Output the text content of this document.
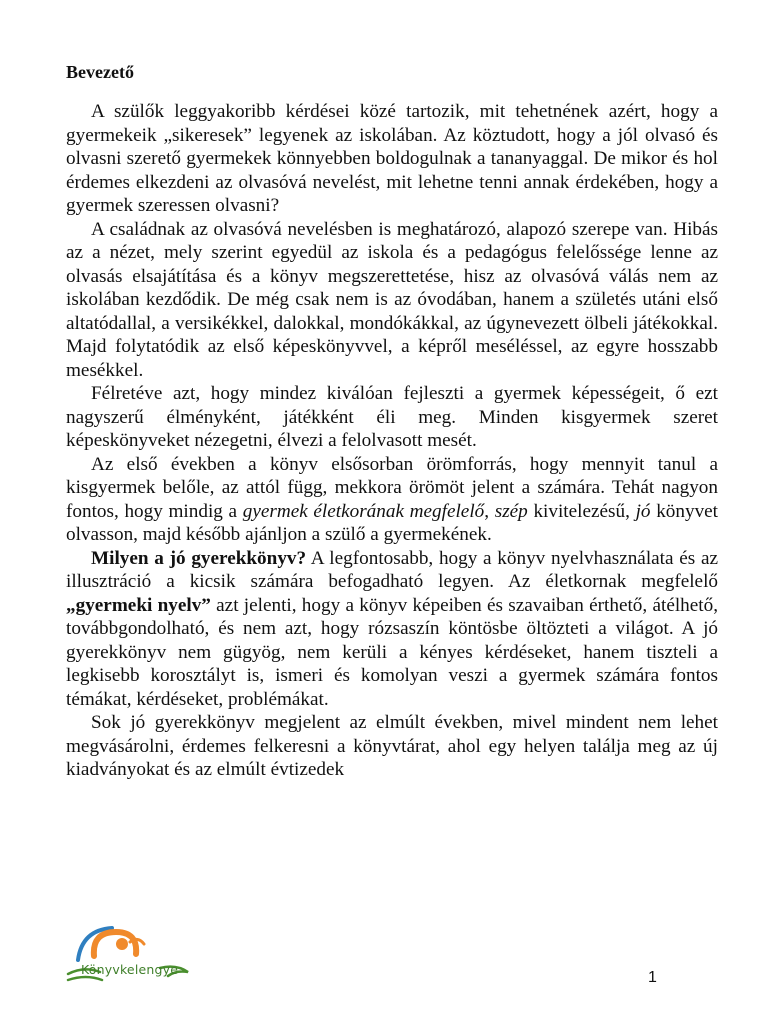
Bevezető

A szülők leggyakoribb kérdései közé tartozik, mit tehetnének azért, hogy a gyermekeik „sikeresek” legyenek az iskolában. Az köztudott, hogy a jól olvasó és olvasni szerető gyermekek könnyebben boldogulnak a tananyaggal. De mikor és hol érdemes elkezdeni az olvasóvá nevelést, mit lehetne tenni annak érdekében, hogy a gyermek szeressen olvasni?

A családnak az olvasóvá nevelésben is meghatározó, alapozó szerepe van. Hibás az a nézet, mely szerint egyedül az iskola és a pedagógus felelőssége lenne az olvasás elsajátítása és a könyv megszerettetése, hisz az olvasóvá válás nem az iskolában kezdődik. De még csak nem is az óvodában, hanem a születés utáni első altatódallal, a versikékkel, dalokkal, mondókákkal, az úgynevezett ölbeli játékokkal. Majd folytatódik az első képeskönyvvel, a képről meséléssel, az egyre hosszabb mesékkel.

Félretéve azt, hogy mindez kiválóan fejleszti a gyermek képességeit, ő ezt nagyszerű élményként, játékként éli meg. Minden kisgyermek szeret képeskönyveket nézegetni, élvezi a felolvasott mesét.

Az első években a könyv elsősorban örömforrás, hogy mennyit tanul a kisgyermek belőle, az attól függ, mekkora örömöt jelent a számára. Tehát nagyon fontos, hogy mindig a gyermek életkorának megfelelő, szép kivitelezésű, jó könyvet olvasson, majd később ajánljon a szülő a gyermekének.

Milyen a jó gyerekkönyv? A legfontosabb, hogy a könyv nyelvhasználata és az illusztráció a kicsik számára befogadható legyen. Az életkornak megfelelő „gyermeki nyelv” azt jelenti, hogy a könyv képeiben és szavaiban érthető, átélhető, továbbgondolható, és nem azt, hogy rózsaszín köntösbe öltözteti a világot. A jó gyerekkönyv nem gügyög, nem kerüli a kényes kérdéseket, hanem tiszteli a legkisebb korosztályt is, ismeri és komolyan veszi a gyermek számára fontos témákat, kérdéseket, problémákat.

Sok jó gyerekkönyv megjelent az elmúlt években, mivel mindent nem lehet megvásárolni, érdemes felkeresni a könyvtárat, ahol egy helyen találja meg az új kiadványokat és az elmúlt évtizedek

Könyvkelengye	1
